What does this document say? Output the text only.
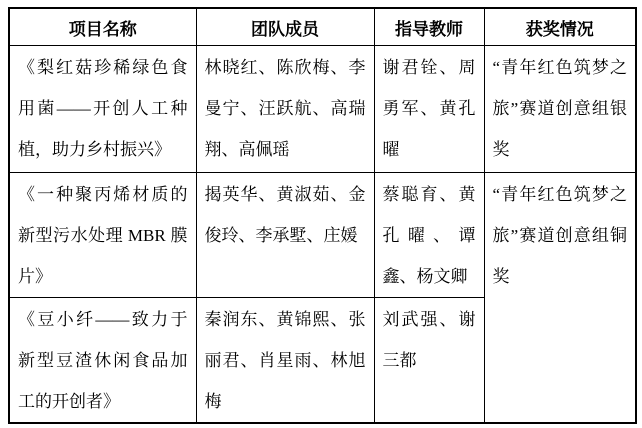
项目名称	团队成员	指导教师	获奖情况
《梨红菇珍稀绿色食用菌——开创人工种植，助力乡村振兴》	林晓红、陈欣梅、李曼宁、汪跃航、高瑞翔、高佩瑶	谢君铨、周勇军、黄孔曜	“青年红色筑梦之旅”赛道创意组银奖
《一种聚丙烯材质的新型污水处理 MBR 膜片》	揭英华、黄淑茹、金俊玲、李承墅、庄媛	蔡聪育、黄孔曜、谭鑫、杨文卿	“青年红色筑梦之旅”赛道创意组铜奖
《豆小纤——致力于新型豆渣休闲食品加工的开创者》	秦润东、黄锦熙、张丽君、肖星雨、林旭梅	刘武强、谢三都	
